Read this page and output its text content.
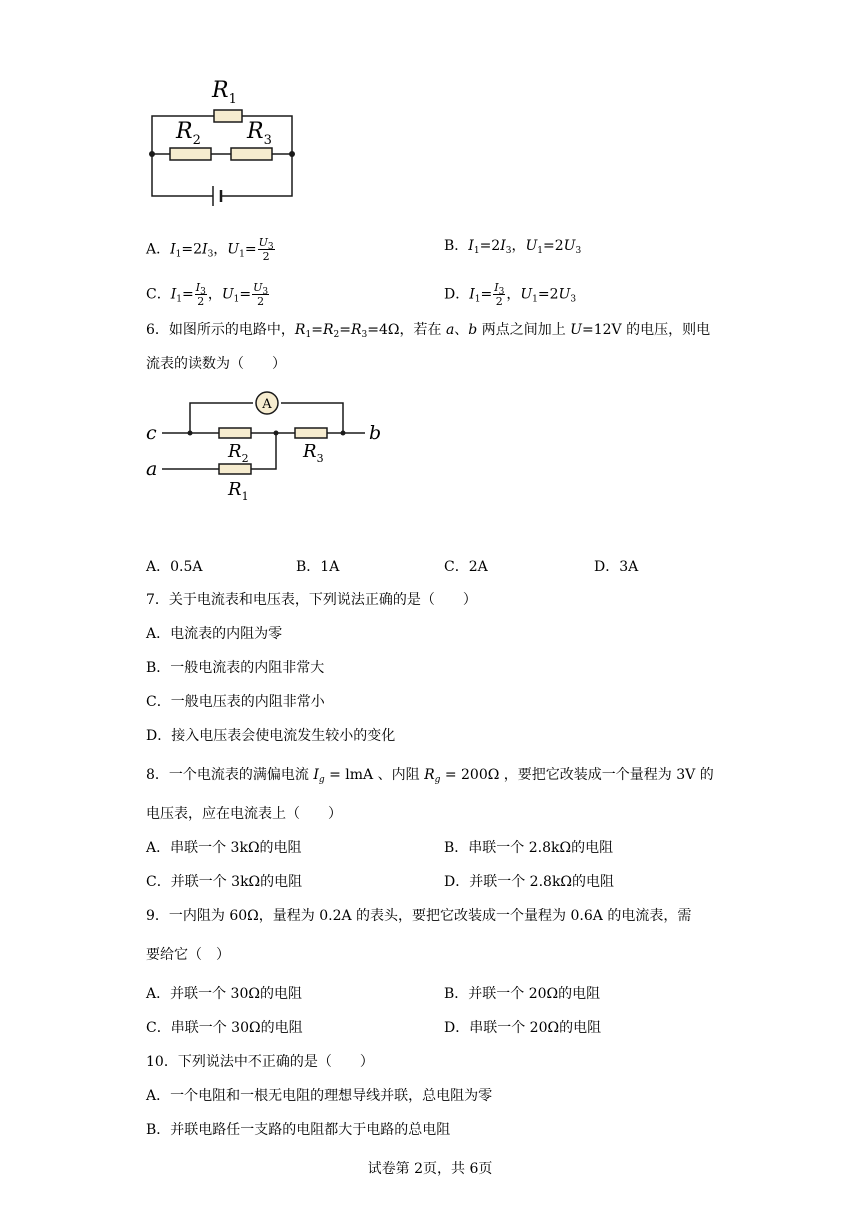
$R_1$
$R_2$ $R_3$
A．$I_1=2I_3$，$U_1= \frac{U_3}{2}$	B．$I_1=2I_3$，$U_1=2U_3$
C．$I_1= \frac{I_3}{2}$ ，$U_1= \frac{U_3}{2}$	D．$I_1= \frac{I_3}{2}$ ，$U_1=2U_3$
6．如图所示的电路中，$R_1=R_2=R_3=4\Omega$，若在 a、b 两点之间加上 U=12V 的电压，则电
流表的读数为（　　）
A
c	b
a
$R_2$	$R_3$
$R_1$
A．0.5A	B．1A	C．2A	D．3A
7．关于电流表和电压表，下列说法正确的是（　　）
A．电流表的内阻为零
B．一般电流表的内阻非常大
C．一般电压表的内阻非常小
D．接入电压表会使电流发生较小的变化
8．一个电流表的满偏电流 $I_g$ = lmA 、内阻 $R_g = 200\Omega$ ，要把它改装成一个量程为 3V 的
电压表，应在电流表上（　　）
A．串联一个 3kΩ的电阻	B．串联一个 2.8kΩ的电阻
C．并联一个 3kΩ的电阻	D．并联一个 2.8kΩ的电阻
9．一内阻为 60Ω，量程为 0.2A 的表头，要把它改装成一个量程为 0.6A 的电流表，需
要给它（　）
A．并联一个 30Ω的电阻	B．并联一个 20Ω的电阻
C．串联一个 30Ω的电阻	D．串联一个 20Ω的电阻
10．下列说法中不正确的是（　　）
A．一个电阻和一根无电阻的理想导线并联，总电阻为零
B．并联电路任一支路的电阻都大于电路的总电阻
试卷第 2页，共 6页
